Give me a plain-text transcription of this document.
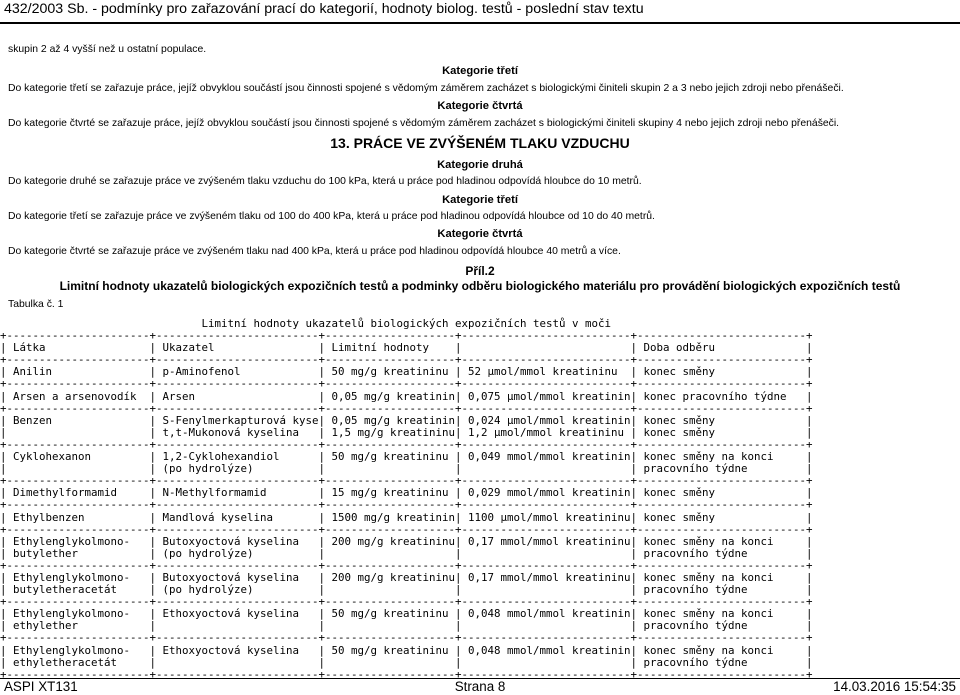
432/2003 Sb. - podmínky pro zařazování prací do kategorií, hodnoty biolog. testů - poslední stav textu
skupin 2 až 4 vyšší než u ostatní populace.
Kategorie třetí
Do kategorie třetí se zařazuje práce, jejíž obvyklou součástí jsou činnosti spojené s vědomým záměrem zacházet s biologickými činiteli skupin 2 a 3 nebo jejich zdroji nebo přenášeči.
Kategorie čtvrtá
Do kategorie čtvrté se zařazuje práce, jejíž obvyklou součástí jsou činnosti spojené s vědomým záměrem zacházet s biologickými činiteli skupiny 4 nebo jejich zdroji nebo přenášeči.
13. PRÁCE VE ZVÝŠENÉM TLAKU VZDUCHU
Kategorie druhá
Do kategorie druhé se zařazuje práce ve zvýšeném tlaku vzduchu do 100 kPa, která u práce pod hladinou odpovídá hloubce do 10 metrů.
Kategorie třetí
Do kategorie třetí se zařazuje práce ve zvýšeném tlaku od 100 do 400 kPa, která u práce pod hladinou odpovídá hloubce od 10 do 40 metrů.
Kategorie čtvrtá
Do kategorie čtvrté se zařazuje práce ve zvýšeném tlaku nad 400 kPa, která u práce pod hladinou odpovídá hloubce 40 metrů a více.
Příl.2
Limitní hodnoty ukazatelů biologických expozičních testů a podminky odběru biologického materiálu pro provádění biologických expozičních testů
Tabulka č. 1
Limitní hodnoty ukazatelů biologických expozičních testů v moči
+----------------------+-------------------------+--------------------+--------------------------+--------------------------+
| Látka                | Ukazatel                | Limitní hodnoty    |                          | Doba odběru              |
+----------------------+-------------------------+--------------------+--------------------------+--------------------------+
| Anilin               | p-Aminofenol            | 50 mg/g kreatininu | 52 µmol/mmol kreatininu  | konec směny              |
+----------------------+-------------------------+--------------------+--------------------------+--------------------------+
| Arsen a arsenovodík  | Arsen                   | 0,05 mg/g kreatinin| 0,075 µmol/mmol kreatinin| konec pracovního týdne   |
+----------------------+-------------------------+--------------------+--------------------------+--------------------------+
| Benzen               | S-Fenylmerkapturová kyse| 0,05 mg/g kreatinin| 0,024 µmol/mmol kreatinin| konec směny              |
|                      | t,t-Mukonová kyselina   | 1,5 mg/g kreatininu| 1,2 µmol/mmol kreatininu | konec směny              |
+----------------------+-------------------------+--------------------+--------------------------+--------------------------+
| Cyklohexanon         | 1,2-Cyklohexandiol      | 50 mg/g kreatininu | 0,049 mmol/mmol kreatinin| konec směny na konci     |
|                      | (po hydrolýze)          |                    |                          | pracovního týdne         |
+----------------------+-------------------------+--------------------+--------------------------+--------------------------+
| Dimethylformamid     | N-Methylformamid        | 15 mg/g kreatininu | 0,029 mmol/mmol kreatinin| konec směny              |
+----------------------+-------------------------+--------------------+--------------------------+--------------------------+
| Ethylbenzen          | Mandlová kyselina       | 1500 mg/g kreatinin| 1100 µmol/mmol kreatininu| konec směny              |
+----------------------+-------------------------+--------------------+--------------------------+--------------------------+
| Ethylenglykolmono-   | Butoxyoctová kyselina   | 200 mg/g kreatininu| 0,17 mmol/mmol kreatininu| konec směny na konci     |
| butylether           | (po hydrolýze)          |                    |                          | pracovního týdne         |
+----------------------+-------------------------+--------------------+--------------------------+--------------------------+
| Ethylenglykolmono-   | Butoxyoctová kyselina   | 200 mg/g kreatininu| 0,17 mmol/mmol kreatininu| konec směny na konci     |
| butyletheracetát     | (po hydrolýze)          |                    |                          | pracovního týdne         |
+----------------------+-------------------------+--------------------+--------------------------+--------------------------+
| Ethylenglykolmono-   | Ethoxyoctová kyselina   | 50 mg/g kreatininu | 0,048 mmol/mmol kreatinin| konec směny na konci     |
| ethylether           |                         |                    |                          | pracovního týdne         |
+----------------------+-------------------------+--------------------+--------------------------+--------------------------+
| Ethylenglykolmono-   | Ethoxyoctová kyselina   | 50 mg/g kreatininu | 0,048 mmol/mmol kreatinin| konec směny na konci     |
| ethyletheracetát     |                         |                    |                          | pracovního týdne         |
+----------------------+-------------------------+--------------------+--------------------------+--------------------------+
ASPI XT131	Strana 8	14.03.2016 15:54:35
